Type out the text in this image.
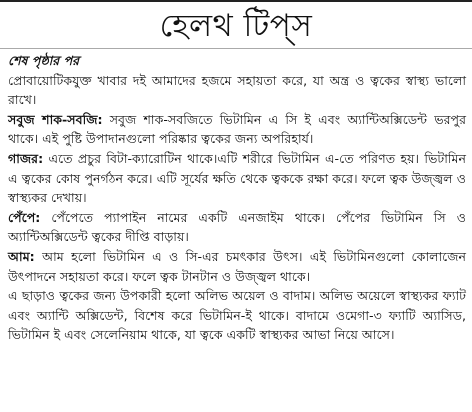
হেলথ টিপ্‌স

শেষ পৃষ্ঠার পর

প্রোবায়োটিকযুক্ত খাবার দই আমাদের হজমে সহায়তা করে, যা অন্ত্র ও ত্বকের স্বাস্থ্য ভালো রাখে।

সবুজ শাক-সবজি: সবুজ শাক-সবজিতে ভিটামিন এ সি ই এবং অ্যান্টিঅক্সিডেন্ট ভরপুর থাকে। এই পুষ্টি উপাদানগুলো পরিষ্কার ত্বকের জন্য অপরিহার্য।

গাজর: এতে প্রচুর বিটা-ক্যারোটিন থাকে।এটি শরীরে ভিটামিন এ-তে পরিণত হয়। ভিটামিন এ ত্বকের কোষ পুনর্গঠন করে। এটি সূর্যের ক্ষতি থেকে ত্বককে রক্ষা করে। ফলে ত্বক উজ্জ্বল ও স্বাস্থ্যকর দেখায়।

পেঁপে: পেঁপেতে প্যাপাইন নামের একটি এনজাইম থাকে। পেঁপের ভিটামিন সি ও অ্যান্টিঅক্সিডেন্ট ত্বকের দীপ্তি বাড়ায়।

আম: আম হলো ভিটামিন এ ও সি-এর চমৎকার উৎস। এই ভিটামিনগুলো কোলাজেন উৎপাদনে সহায়তা করে। ফলে ত্বক টানটান ও উজ্জ্বল থাকে।

এ ছাড়াও ত্বকের জন্য উপকারী হলো অলিভ অয়েল ও বাদাম। অলিভ অয়েলে স্বাস্থ্যকর ফ্যাট এবং অ্যান্টি অক্সিডেন্ট, বিশেষ করে ভিটামিন-ই থাকে। বাদামে ওমেগা-৩ ফ্যাটি অ্যাসিড, ভিটামিন ই এবং সেলেনিয়াম থাকে, যা ত্বকে একটি স্বাস্থ্যকর আভা নিয়ে আসে।
